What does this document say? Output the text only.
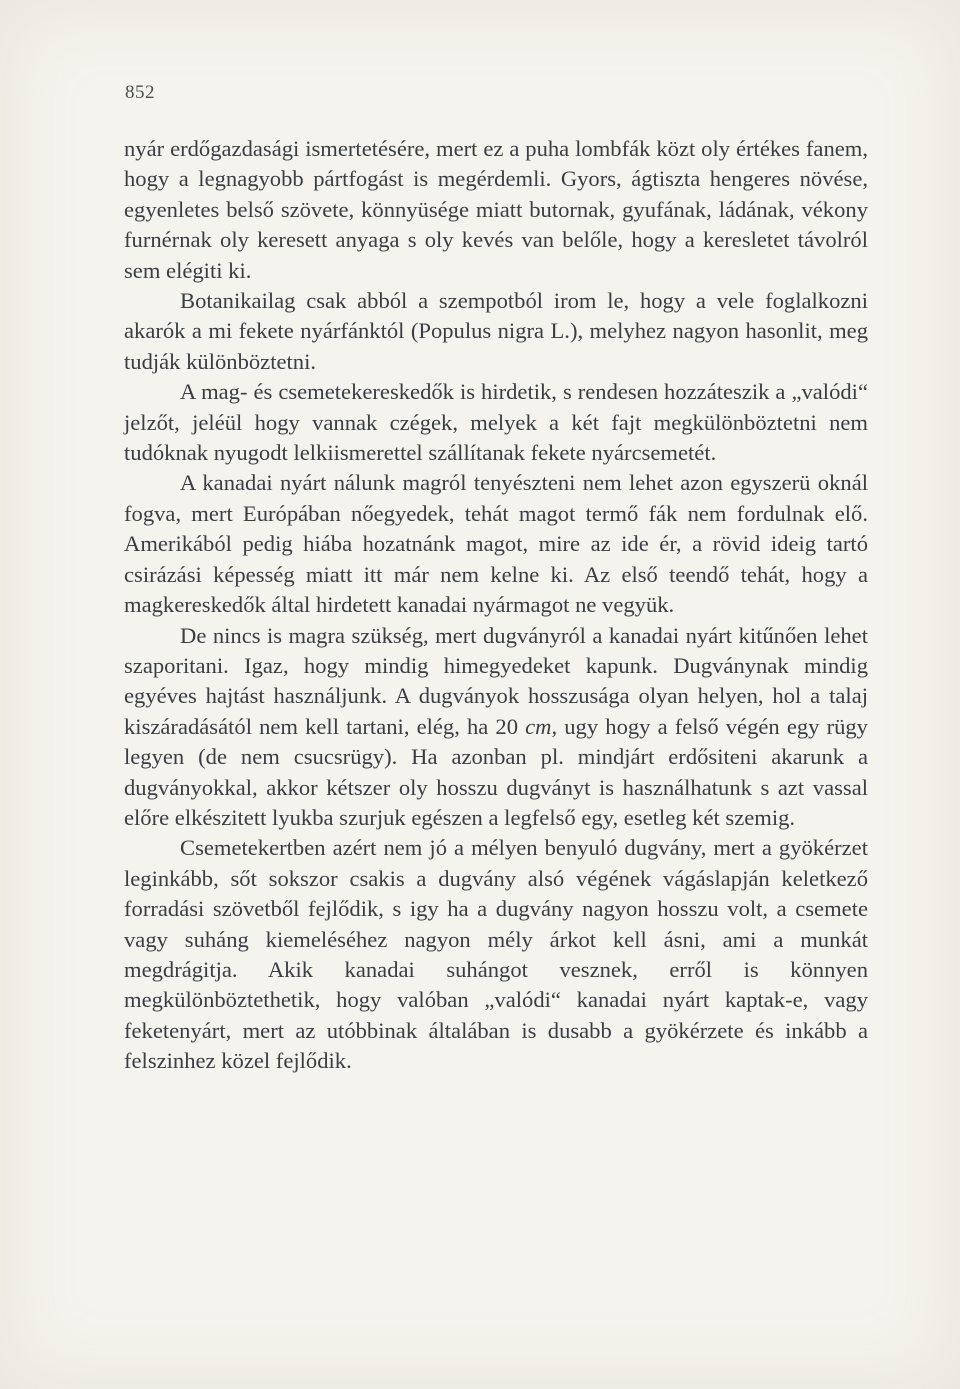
852

nyár erdőgazdasági ismertetésére, mert ez a puha lombfák közt oly értékes fanem, hogy a legnagyobb pártfogást is megérdemli. Gyors, ágtiszta hengeres növése, egyenletes belső szövete, könnyüsége miatt butornak, gyufának, ládának, vékony furnérnak oly keresett anyaga s oly kevés van belőle, hogy a keresletet távolról sem elégiti ki.

Botanikailag csak abból a szempotból irom le, hogy a vele foglalkozni akarók a mi fekete nyárfánktól (Populus nigra L.), melyhez nagyon hasonlit, meg tudják különböztetni.

A mag- és csemetekereskedők is hirdetik, s rendesen hozzáteszik a „valódi“ jelzőt, jeléül hogy vannak czégek, melyek a két fajt megkülönböztetni nem tudóknak nyugodt lelkiismerettel szállítanak fekete nyárcsemetét.

A kanadai nyárt nálunk magról tenyészteni nem lehet azon egyszerü oknál fogva, mert Európában nőegyedek, tehát magot termő fák nem fordulnak elő. Amerikából pedig hiába hozatnánk magot, mire az ide ér, a rövid ideig tartó csirázási képesség miatt itt már nem kelne ki. Az első teendő tehát, hogy a magkereskedők által hirdetett kanadai nyármagot ne vegyük.

De nincs is magra szükség, mert dugványról a kanadai nyárt kitűnően lehet szaporitani. Igaz, hogy mindig himegyedeket kapunk. Dugványnak mindig egyéves hajtást használjunk. A dugványok hosszusága olyan helyen, hol a talaj kiszáradásától nem kell tartani, elég, ha 20 cm, ugy hogy a felső végén egy rügy legyen (de nem csucsrügy). Ha azonban pl. mindjárt erdősiteni akarunk a dugványokkal, akkor kétszer oly hosszu dugványt is használhatunk s azt vassal előre elkészitett lyukba szurjuk egészen a legfelső egy, esetleg két szemig.

Csemetekertben azért nem jó a mélyen benyuló dugvány, mert a gyökérzet leginkább, sőt sokszor csakis a dugvány alsó végének vágáslapján keletkező forradási szövetből fejlődik, s igy ha a dugvány nagyon hosszu volt, a csemete vagy suháng kiemeléséhez nagyon mély árkot kell ásni, ami a munkát megdrágitja. Akik kanadai suhángot vesznek, erről is könnyen megkülönböztethetik, hogy valóban „valódi“ kanadai nyárt kaptak-e, vagy feketenyárt, mert az utóbbinak általában is dusabb a gyökérzete és inkább a felszinhez közel fejlődik.
